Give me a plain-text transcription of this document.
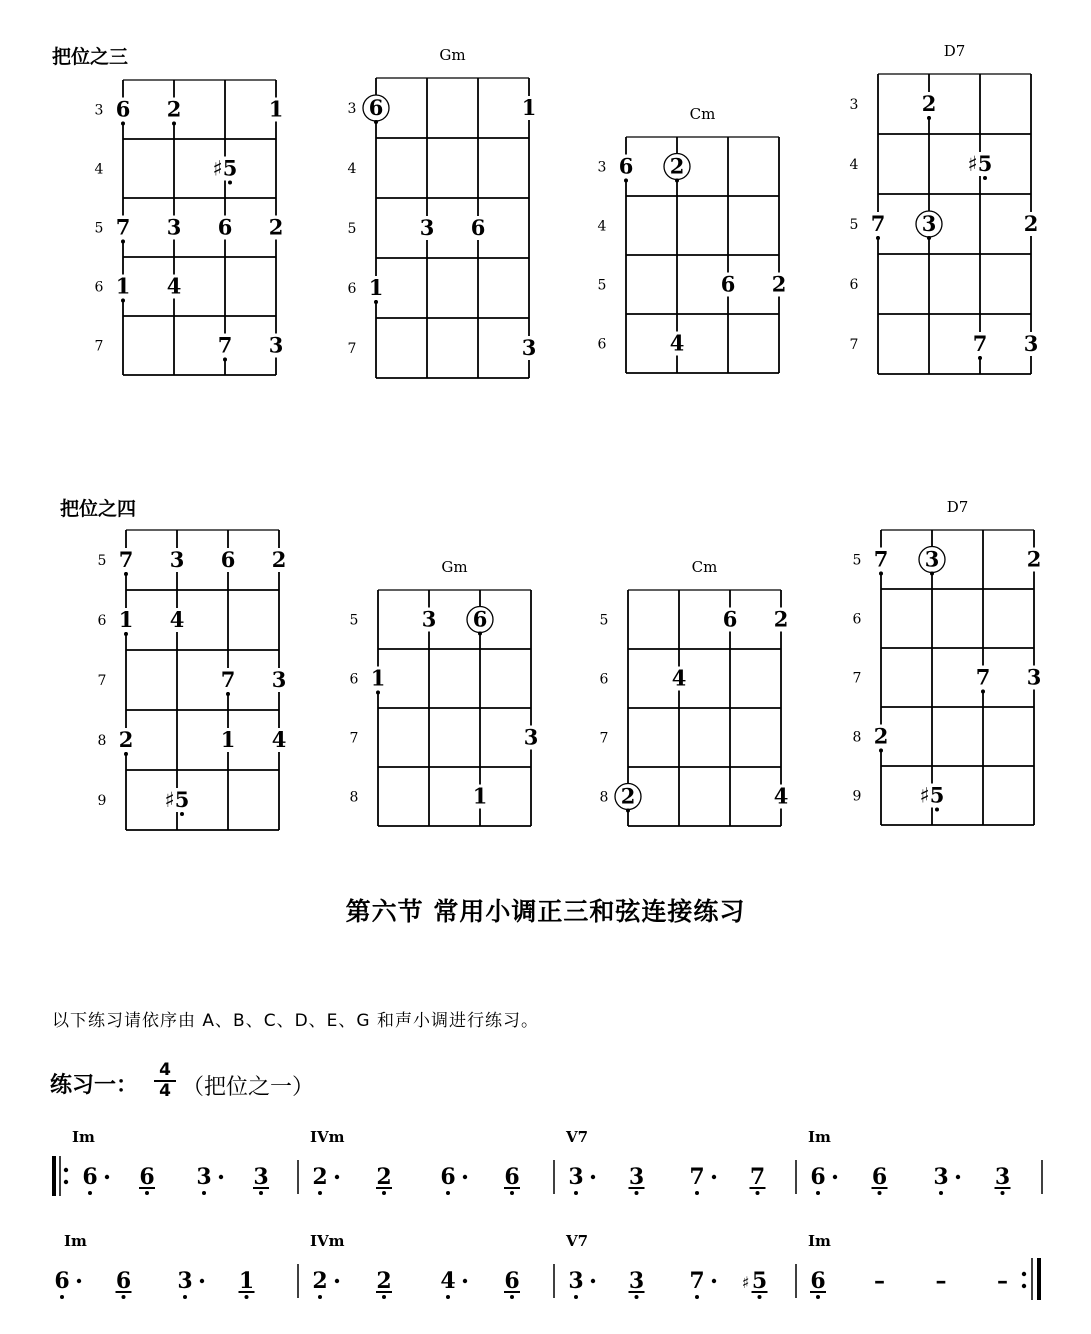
把位之三
把位之四
3
4
5
6
7
6 2	1
♯5
7 3 6 2
1 4
7 3
Gm
3
4
5
6
7
6	1
3 6
1
3
Cm
3
4
5
6
6 2
6 2
4
D7
3
4
5
6
7
2
♯5
7 3	2
7 3
5
6
7
8
9
7 3 6 2
1 4
7 3
2	1 4
♯5
Gm
5
6
7
8
3 6
1
3
1
Cm
5
6
7
8
6 2
4
2	4
D7
5
6
7
8
9
7 3	2
7 3
2
♯5
第六节 常用小调正三和弦连接练习
以下练习请依序由 A、B、C、D、E、G 和声小调进行练习。
练习一：
4
4 （把位之一）
Im
6 6 3 3
IVm
2 2 6 6
V7
3 3 7 7
Im
6 6 3 3
Im
6 6 3 1
IVm
2 2 4 6
V7
3 3 7 ♯ 5
Im
6 – – –
